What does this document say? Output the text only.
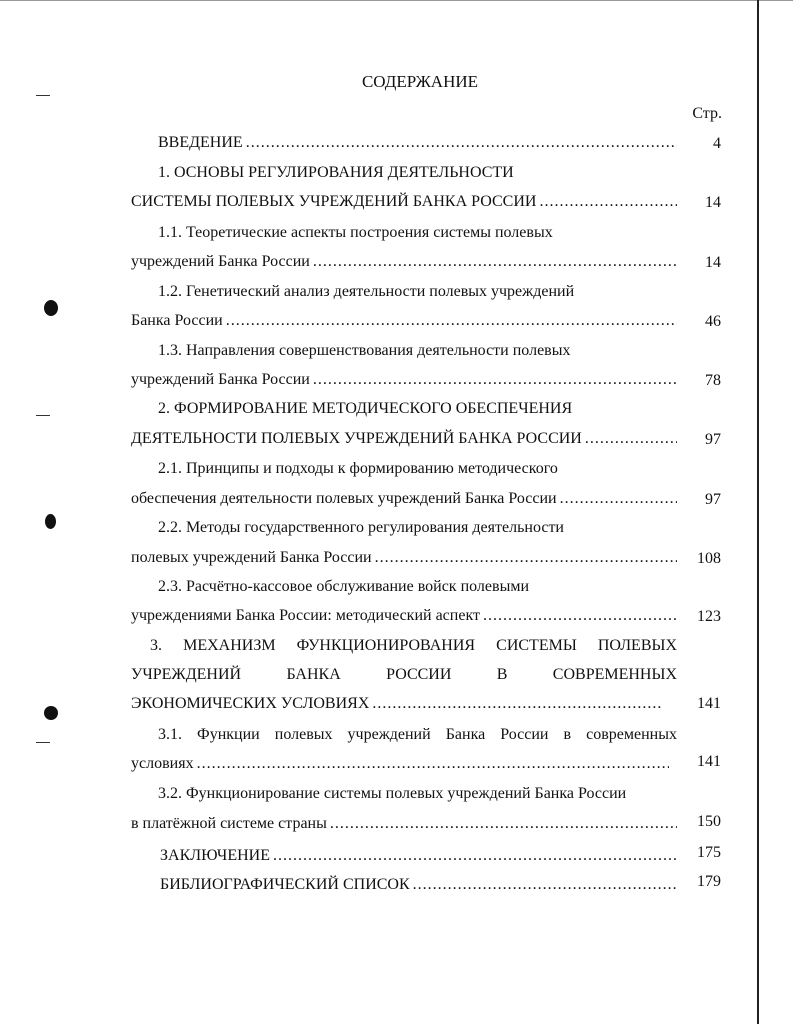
СОДЕРЖАНИЕ
Стр.
ВВЕДЕНИЕ .....	4
1. ОСНОВЫ РЕГУЛИРОВАНИЯ ДЕЯТЕЛЬНОСТИ
СИСТЕМЫ ПОЛЕВЫХ УЧРЕЖДЕНИЙ БАНКА РОССИИ .....	14
1.1. Теоретические аспекты построения системы полевых
учреждений Банка России .....	14
1.2. Генетический анализ деятельности полевых учреждений
Банка России .....	46
1.3. Направления совершенствования деятельности полевых
учреждений Банка России .....	78
2. ФОРМИРОВАНИЕ МЕТОДИЧЕСКОГО ОБЕСПЕЧЕНИЯ
ДЕЯТЕЛЬНОСТИ ПОЛЕВЫХ УЧРЕЖДЕНИЙ БАНКА РОССИИ .....	97
2.1. Принципы и подходы к формированию методического
обеспечения деятельности полевых учреждений Банка России .....	97
2.2. Методы государственного регулирования деятельности
полевых учреждений Банка России .....	108
2.3. Расчётно-кассовое обслуживание войск полевыми
учреждениями Банка России: методический аспект .....	123
3. МЕХАНИЗМ ФУНКЦИОНИРОВАНИЯ СИСТЕМЫ ПОЛЕВЫХ
УЧРЕЖДЕНИЙ БАНКА РОССИИ В СОВРЕМЕННЫХ
ЭКОНОМИЧЕСКИХ УСЛОВИЯХ .....	141
3.1. Функции полевых учреждений Банка России в современных
условиях .....	141
3.2. Функционирование системы полевых учреждений Банка России
в платёжной системе страны .....	150
ЗАКЛЮЧЕНИЕ .....	175
БИБЛИОГРАФИЧЕСКИЙ СПИСОК .....	179
